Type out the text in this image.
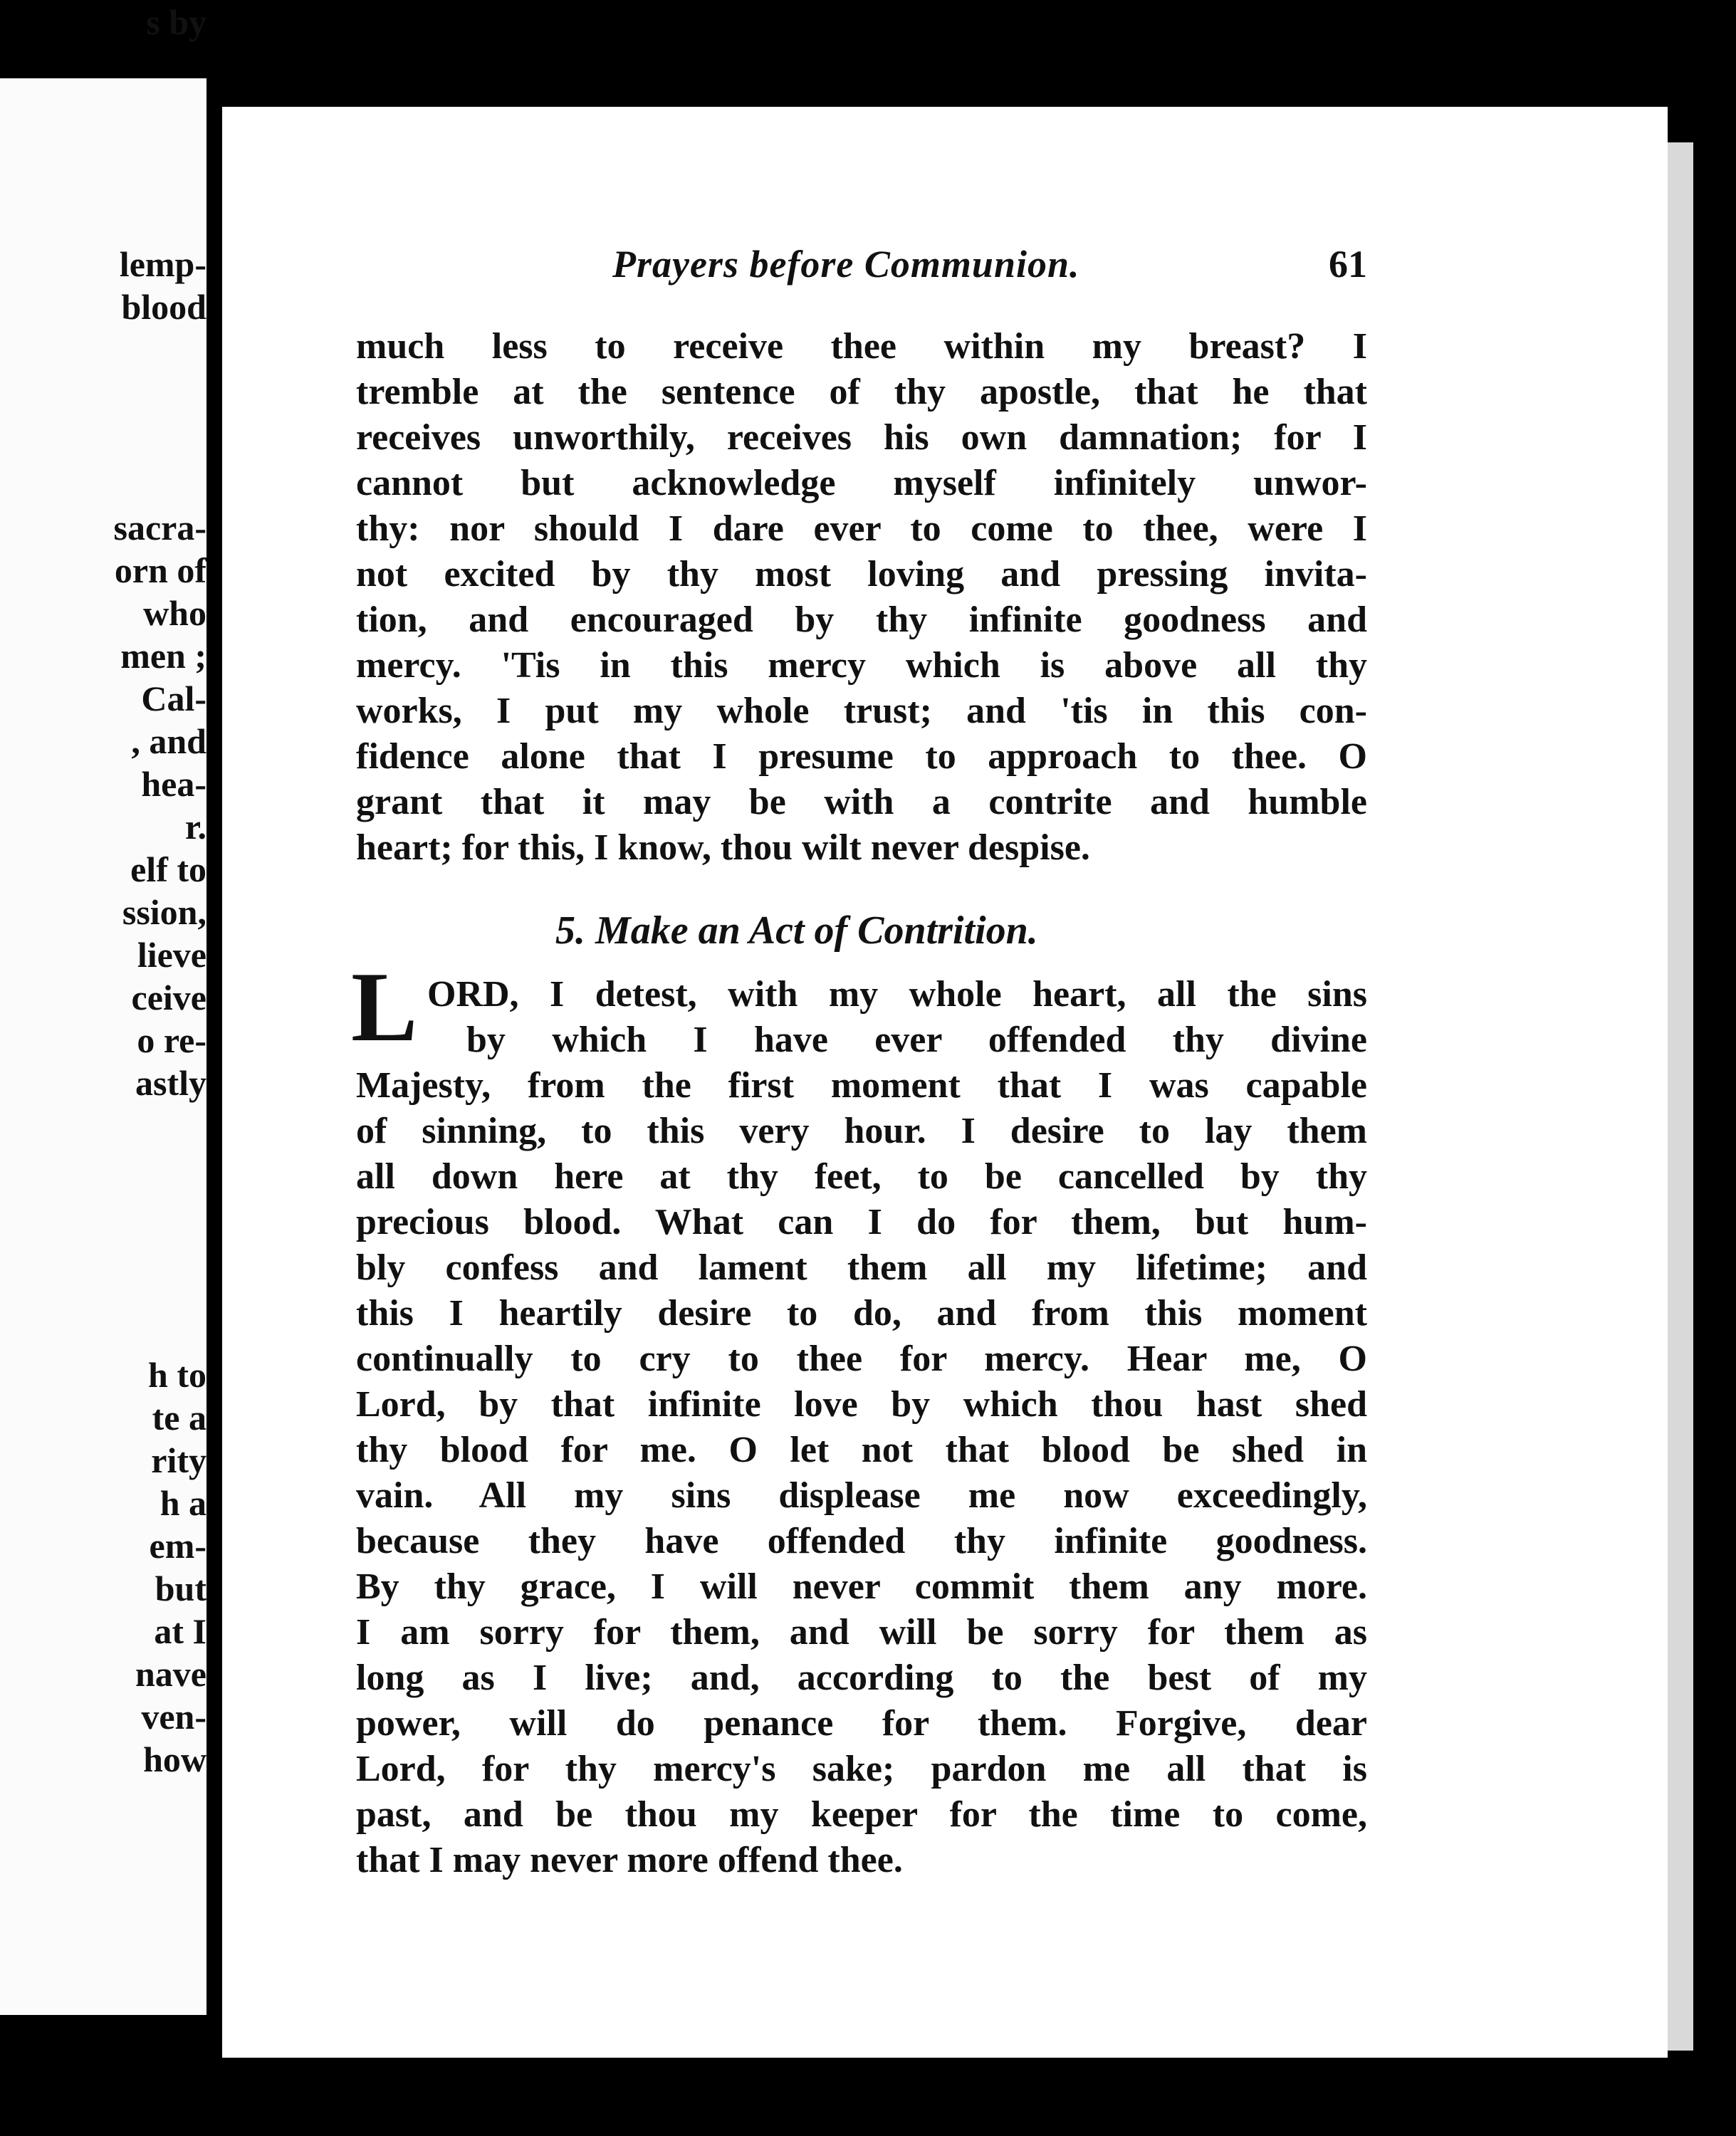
lemp-

blood

sacra-

orn of

who

men ;

Cal-

, and

hea-

r.

elf to

ssion,

lieve

ceive

o re-

astly

s by

h to

te a

rity

h a

em-

but

at I

nave

ven-

how

Prayers before Communion.	61

much less to receive thee within my breast? I

tremble at the sentence of thy apostle, that he that

receives unworthily, receives his own damnation; for I

cannot but acknowledge myself infinitely unwor-

thy: nor should I dare ever to come to thee, were I

not excited by thy most loving and pressing invita-

tion, and encouraged by thy infinite goodness and

mercy. 'Tis in this mercy which is above all thy

works, I put my whole trust; and 'tis in this con-

fidence alone that I presume to approach to thee. O

grant that it may be with a contrite and humble

heart; for this, I know, thou wilt never despise.

5. Make an Act of Contrition.

L ORD, I detest, with my whole heart, all the sins

by which I have ever offended thy divine

Majesty, from the first moment that I was capable

of sinning, to this very hour. I desire to lay them

all down here at thy feet, to be cancelled by thy

precious blood. What can I do for them, but hum-

bly confess and lament them all my lifetime; and

this I heartily desire to do, and from this moment

continually to cry to thee for mercy. Hear me, O

Lord, by that infinite love by which thou hast shed

thy blood for me. O let not that blood be shed in

vain. All my sins displease me now exceedingly,

because they have offended thy infinite goodness.

By thy grace, I will never commit them any more.

I am sorry for them, and will be sorry for them as

long as I live; and, according to the best of my

power, will do penance for them. Forgive, dear

Lord, for thy mercy's sake; pardon me all that is

past, and be thou my keeper for the time to come,

that I may never more offend thee.
